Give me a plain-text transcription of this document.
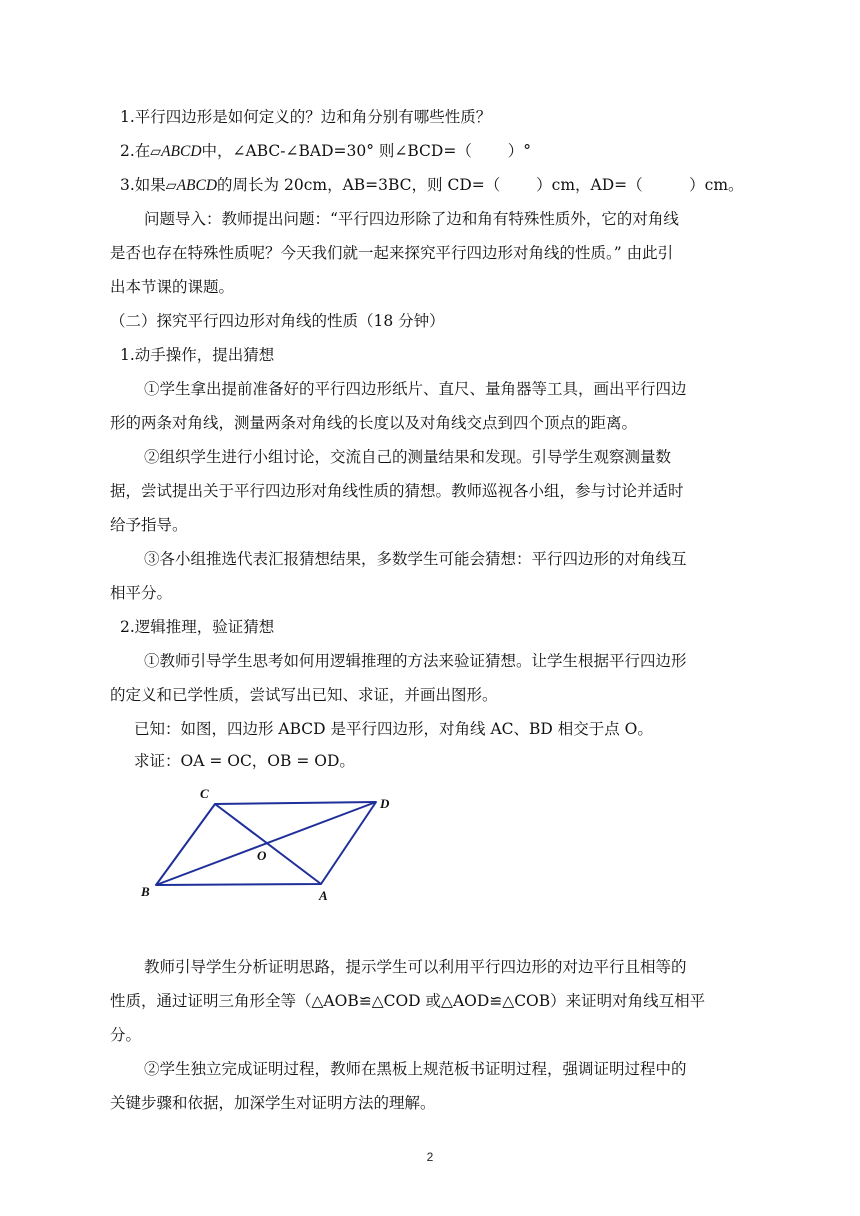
1.平行四边形是如何定义的？边和角分别有哪些性质？
2.在▱ABCD中，∠ABC-∠BAD=30° 则∠BCD=（　　 ）°
3.如果▱ABCD的周长为 20cm，AB=3BC，则 CD=（　　 ）cm，AD=（　　　）cm。
问题导入：教师提出问题：“平行四边形除了边和角有特殊性质外，它的对角线
是否也存在特殊性质呢？今天我们就一起来探究平行四边形对角线的性质。” 由此引
出本节课的课题。
（二）探究平行四边形对角线的性质（18 分钟）
1.动手操作，提出猜想
①学生拿出提前准备好的平行四边形纸片、直尺、量角器等工具，画出平行四边
形的两条对角线，测量两条对角线的长度以及对角线交点到四个顶点的距离。
②组织学生进行小组讨论，交流自己的测量结果和发现。引导学生观察测量数
据，尝试提出关于平行四边形对角线性质的猜想。教师巡视各小组，参与讨论并适时
给予指导。
③各小组推选代表汇报猜想结果，多数学生可能会猜想：平行四边形的对角线互
相平分。
2.逻辑推理，验证猜想
①教师引导学生思考如何用逻辑推理的方法来验证猜想。让学生根据平行四边形
的定义和已学性质，尝试写出已知、求证，并画出图形。
已知：如图，四边形 ABCD 是平行四边形，对角线 AC、BD 相交于点 O。
求证：OA = OC，OB = OD。
C
D
O
B	A
教师引导学生分析证明思路，提示学生可以利用平行四边形的对边平行且相等的
性质，通过证明三角形全等（△AOB≌△COD 或△AOD≌△COB）来证明对角线互相平
分。
②学生独立完成证明过程，教师在黑板上规范板书证明过程，强调证明过程中的
关键步骤和依据，加深学生对证明方法的理解。
2
